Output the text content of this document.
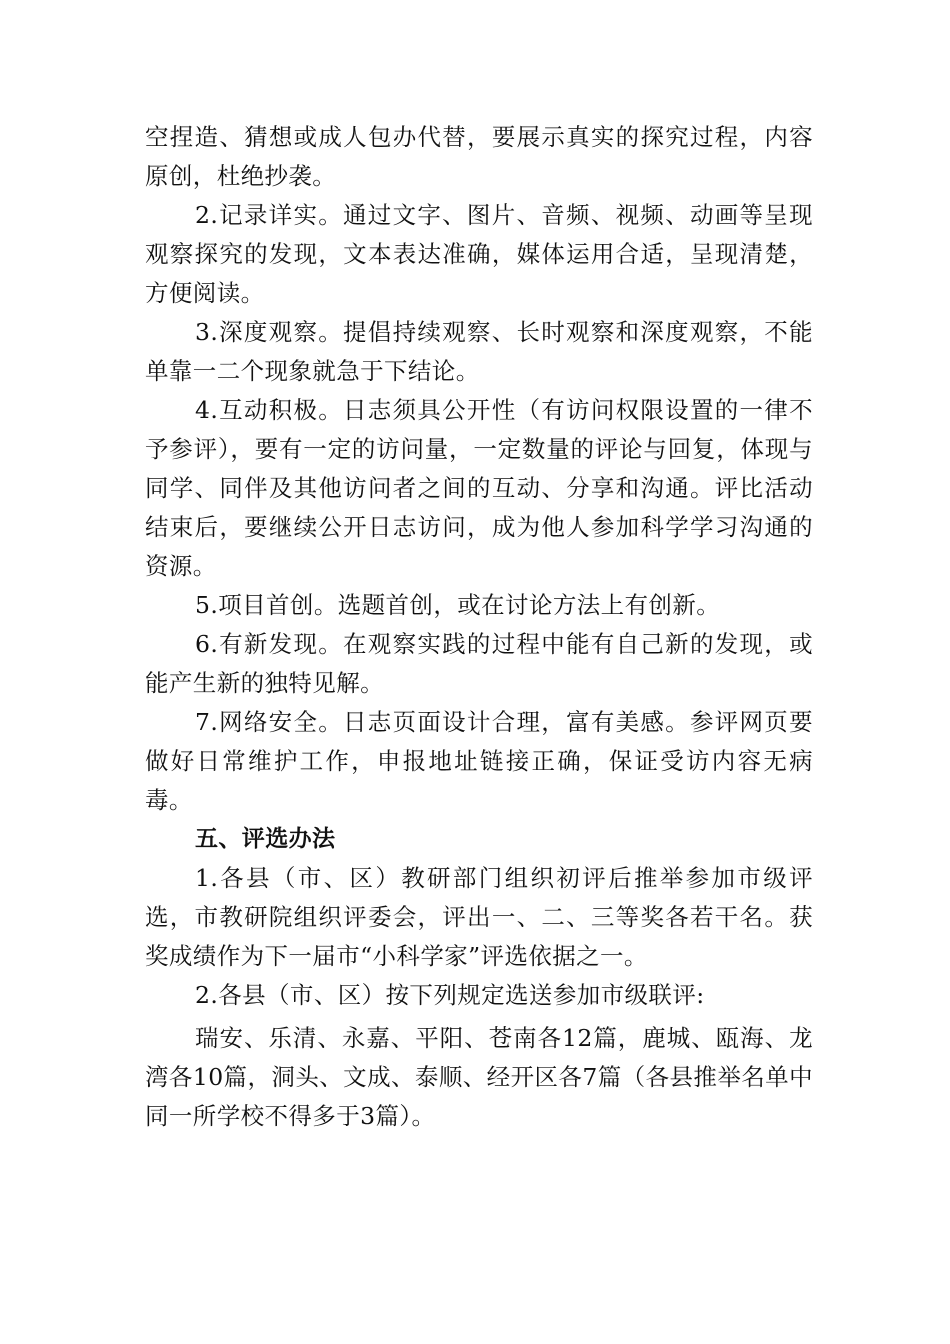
空捏造、猜想或成人包办代替，要展示真实的探究过程，内容原创，杜绝抄袭。

2.记录详实。通过文字、图片、音频、视频、动画等呈现观察探究的发现，文本表达准确，媒体运用合适，呈现清楚，方便阅读。

3.深度观察。提倡持续观察、长时观察和深度观察，不能单靠一二个现象就急于下结论。

4.互动积极。日志须具公开性（有访问权限设置的一律不予参评），要有一定的访问量，一定数量的评论与回复，体现与同学、同伴及其他访问者之间的互动、分享和沟通。评比活动结束后，要继续公开日志访问，成为他人参加科学学习沟通的资源。

5.项目首创。选题首创，或在讨论方法上有创新。

6.有新发现。在观察实践的过程中能有自己新的发现，或能产生新的独特见解。

7.网络安全。日志页面设计合理，富有美感。参评网页要做好日常维护工作，申报地址链接正确，保证受访内容无病毒。

五、评选办法

1.各县（市、区）教研部门组织初评后推举参加市级评选，市教研院组织评委会，评出一、二、三等奖各若干名。获奖成绩作为下一届市“小科学家”评选依据之一。

2.各县（市、区）按下列规定选送参加市级联评:

瑞安、乐清、永嘉、平阳、苍南各12篇，鹿城、瓯海、龙湾各10篇，洞头、文成、泰顺、经开区各7篇（各县推举名单中同一所学校不得多于3篇）。
